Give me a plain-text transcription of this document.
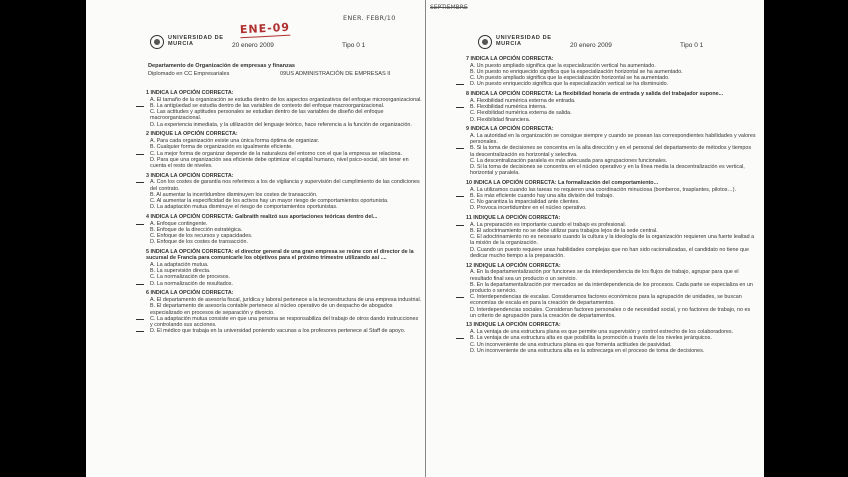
SEPTIEMBRE
ENE-09
ENER. FEBR/10
UNIVERSIDAD DE MURCIA	20 enero 2009	Tipo 0 1
Departamento de Organización de empresas y finanzas
Diplomado en CC Empresariales	09US ADMINISTRACIÓN DE EMPRESAS II
1 INDICA LA OPCIÓN CORRECTA:
A. El tamaño de la organización se estudia dentro de los aspectos organizativos del enfoque microorganizacional.
B. La antigüedad se estudia dentro de las variables de contexto del enfoque macroorganizacional.
C. Las actitudes y aptitudes personales se estudian dentro de las variables de diseño del enfoque macroorganizacional.
D. La experiencia inmediata, y la utilización del lenguaje teórico, hace referencia a la función de organización.
2 INDIQUE LA OPCIÓN CORRECTA:
A. Para cada organización existe una única forma óptima de organizar.
B. Cualquier forma de organización es igualmente eficiente.
C. La mejor forma de organizar depende de la naturaleza del entorno con el que la empresa se relaciona.
D. Para que una organización sea eficiente debe optimizar el capital humano, nivel psico-social, sin tener en cuenta el resto de niveles.
3 INDICA LA OPCIÓN CORRECTA:
A. Con los costes de garantía nos referimos a los de vigilancia y supervisión del cumplimiento de las condiciones del contrato.
B. Al aumentar la incertidumbre disminuyen los costes de transacción.
C. Al aumentar la especificidad de los activos hay un mayor riesgo de comportamientos oportunista.
D. La adaptación mutua disminuye el riesgo de comportamientos oportunistas.
4 INDICA LA OPCIÓN CORRECTA: Galbraith realizó sus aportaciones teóricas dentro del...
A. Enfoque contingente.
B. Enfoque de la dirección estratégica.
C. Enfoque de los recursos y capacidades.
D. Enfoque de los costes de transacción.
5 INDICA LA OPCIÓN CORRECTA: el director general de una gran empresa se reúne con el director de la sucursal de Francia para comunicarle los objetivos para el próximo trimestre utilizando así ....
A. La adaptación mutua.
B. La supervisión directa.
C. La normalización de procesos.
D. La normalización de resultados.
6 INDICA LA OPCIÓN CORRECTA:
A. El departamento de asesoría fiscal, jurídica y laboral pertenece a la tecnoestructura de una empresa industrial.
B. El departamento de asesoría contable pertenece al núcleo operativo de un despacho de abogados especializado en procesos de separación y divorcio.
C. La adaptación mutua consiste en que una persona se responsabiliza del trabajo de otros dando instrucciones y controlando sus acciones.
D. El médico que trabaja en la universidad poniendo vacunas a los profesores pertenece al Staff de apoyo.
UNIVERSIDAD DE MURCIA	20 enero 2009	Tipo 0 1
7 INDICA LA OPCIÓN CORRECTA:
A. Un puesto ampliado significa que la especialización vertical ha aumentado.
B. Un puesto no enriquecido significa que la especialización horizontal se ha aumentado.
C. Un puesto ampliado significa que la especialización horizontal se ha aumentado.
D. Un puesto enriquecido significa que la especialización vertical se ha disminuido.
8 INDICA LA OPCIÓN CORRECTA: La flexibilidad horaria de entrada y salida del trabajador supone...
A. Flexibilidad numérica externa de entrada.
B. Flexibilidad numérica interna.
C. Flexibilidad numérica externa de salida.
D. Flexibilidad financiera.
9 INDICA LA OPCIÓN CORRECTA:
A. La autoridad en la organización se consigue siempre y cuando se posean las correspondientes habilidades y valores personales.
B. Si la toma de decisiones se concentra en la alta dirección y en el personal del departamento de métodos y tiempos la descentralización es horizontal y selectiva.
C. La descentralización paralela es más adecuada para agrupaciones funcionales.
D. Si la toma de decisiones se concentra en el núcleo operativo y en la línea media la descentralización es vertical, horizontal y paralela.
10 INDICA LA OPCIÓN CORRECTA: La formalización del comportamiento...
A. La utilizamos cuando las tareas no requieren una coordinación minuciosa (bomberos, trasplantes, pilotos…).
B. Es más eficiente cuando hay una alta división del trabajo.
C. No garantiza la imparcialidad ante clientes.
D. Provoca incertidumbre en el núcleo operativo.
11 INDIQUE LA OPCIÓN CORRECTA:
A. La preparación es importante cuando el trabajo es profesional.
B. El adoctrinamiento no se debe utilizar para trabajos lejos de la sede central.
C. El adoctrinamiento no es necesario cuando la cultura y la ideología de la organización requieren una fuerte lealtad a la misión de la organización.
D. Cuando un puesto requiere unas habilidades complejas que no han sido racionalizadas, el candidato no tiene que dedicar mucho tiempo a la preparación.
12 INDIQUE LA OPCIÓN CORRECTA:
A. En la departamentalización por funciones se da interdependencia de los flujos de trabajo, agrupar para que el resultado final sea un producto o un servicio.
B. En la departamentalización por mercados se da interdependencia de los procesos. Cada parte se especializa en un producto o servicio.
C. Interdependencias de escalas. Consideramos factores económicos para la agrupación de unidades, se buscan economías de escala en para la creación de departamentos.
D. Interdependencias sociales. Consideran factores personales o de necesidad social, y no factores de trabajo, no es un criterio de agrupación para la creación de departamentos.
13 INDIQUE LA OPCIÓN CORRECTA:
A. La ventaja de una estructura plana es que permite una supervisión y control estrecho de los colaboradores.
B. La ventaja de una estructura alta es que posibilita la promoción a través de los niveles jerárquicos.
C. Un inconveniente de una estructura plana es que fomenta actitudes de pasividad.
D. Un inconveniente de una estructura alta es la sobrecarga en el proceso de toma de decisiones.
